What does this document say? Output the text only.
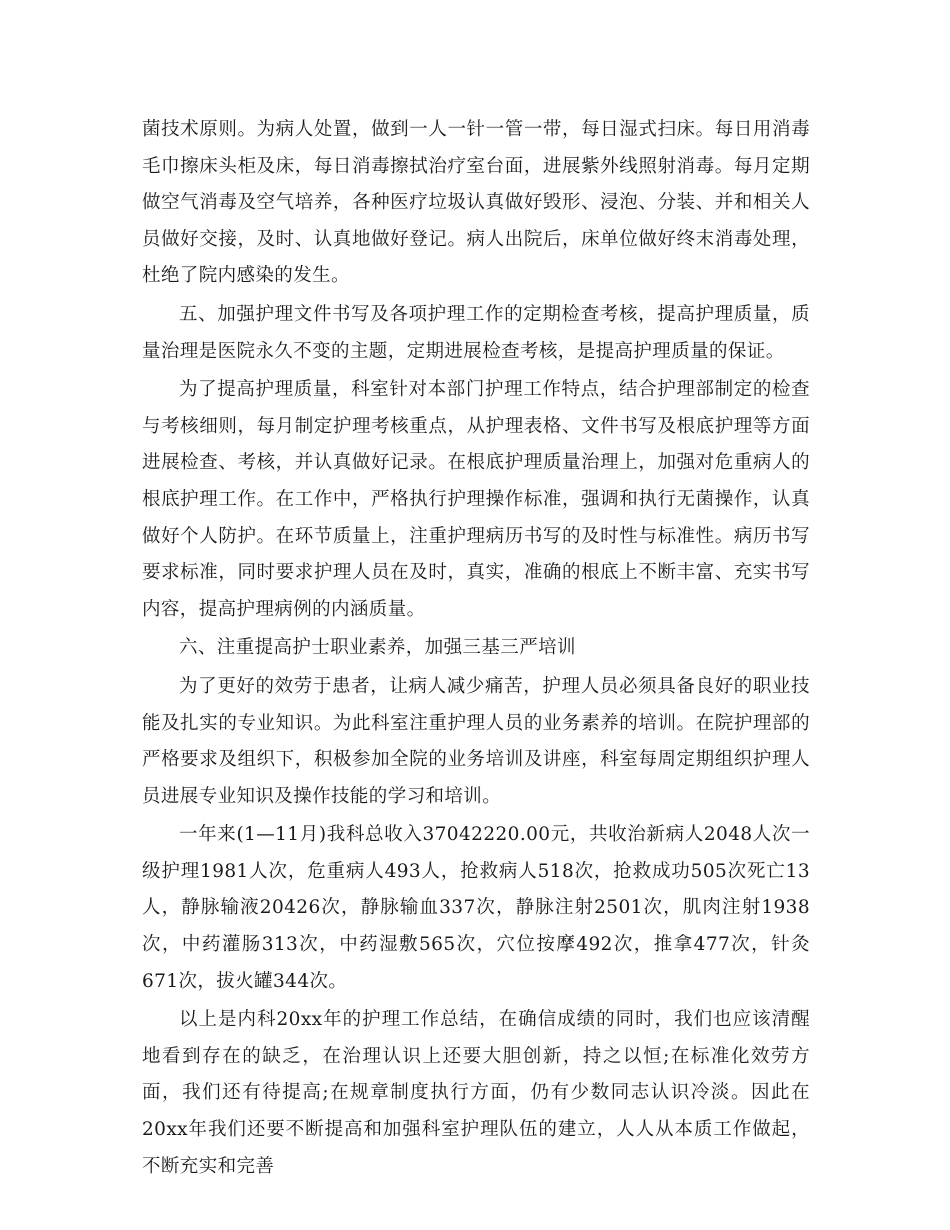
菌技术原则。为病人处置，做到一人一针一管一带，每日湿式扫床。每日用消毒毛巾擦床头柜及床，每日消毒擦拭治疗室台面，进展紫外线照射消毒。每月定期做空气消毒及空气培养，各种医疗垃圾认真做好毁形、浸泡、分装、并和相关人员做好交接，及时、认真地做好登记。病人出院后，床单位做好终末消毒处理，杜绝了院内感染的发生。

五、加强护理文件书写及各项护理工作的定期检查考核，提高护理质量，质量治理是医院永久不变的主题，定期进展检查考核，是提高护理质量的保证。

为了提高护理质量，科室针对本部门护理工作特点，结合护理部制定的检查与考核细则，每月制定护理考核重点，从护理表格、文件书写及根底护理等方面进展检查、考核，并认真做好记录。在根底护理质量治理上，加强对危重病人的根底护理工作。在工作中，严格执行护理操作标准，强调和执行无菌操作，认真做好个人防护。在环节质量上，注重护理病历书写的及时性与标准性。病历书写要求标准，同时要求护理人员在及时，真实，准确的根底上不断丰富、充实书写内容，提高护理病例的内涵质量。

六、注重提高护士职业素养，加强三基三严培训

为了更好的效劳于患者，让病人减少痛苦，护理人员必须具备良好的职业技能及扎实的专业知识。为此科室注重护理人员的业务素养的培训。在院护理部的严格要求及组织下，积极参加全院的业务培训及讲座，科室每周定期组织护理人员进展专业知识及操作技能的学习和培训。

一年来(1—11月)我科总收入37042220.00元，共收治新病人2048人次一级护理1981人次，危重病人493人，抢救病人518次，抢救成功505次死亡13人，静脉输液20426次，静脉输血337次，静脉注射2501次，肌肉注射1938次，中药灌肠313次，中药湿敷565次，穴位按摩492次，推拿477次，针灸671次，拔火罐344次。

以上是内科20xx年的护理工作总结，在确信成绩的同时，我们也应该清醒地看到存在的缺乏，在治理认识上还要大胆创新，持之以恒;在标准化效劳方面，我们还有待提高;在规章制度执行方面，仍有少数同志认识冷淡。因此在20xx年我们还要不断提高和加强科室护理队伍的建立，人人从本质工作做起，不断充实和完善
